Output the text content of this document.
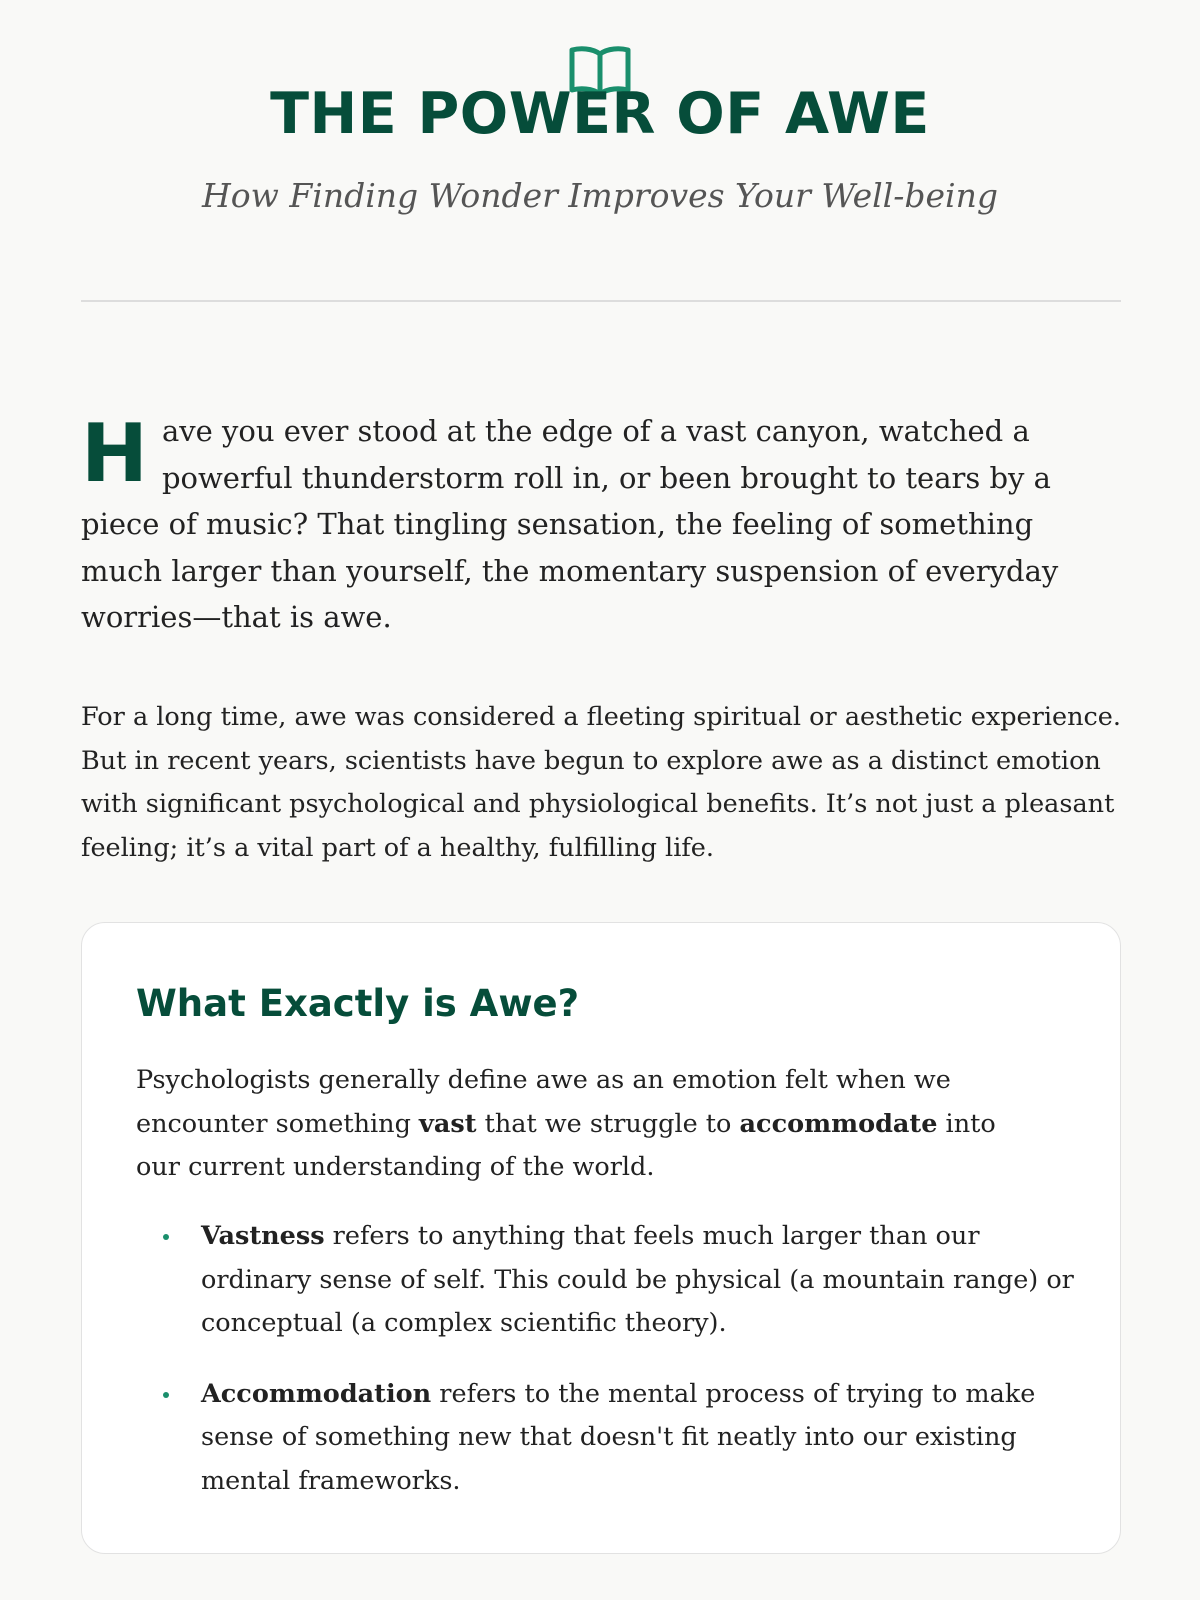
THE POWER OF AWE

How Finding Wonder Improves Your Well-being

H ave you ever stood at the edge of a vast canyon, watched a powerful thunderstorm roll in, or been brought to tears by a piece of music? That tingling sensation, the feeling of something much larger than yourself, the momentary suspension of everyday worries—that is awe.

For a long time, awe was considered a fleeting spiritual or aesthetic experience. But in recent years, scientists have begun to explore awe as a distinct emotion with significant psychological and physiological benefits. It’s not just a pleasant feeling; it’s a vital part of a healthy, fulfilling life.

What Exactly is Awe?

Psychologists generally define awe as an emotion felt when we encounter something vast that we struggle to accommodate into our current understanding of the world.

Vastness refers to anything that feels much larger than our ordinary sense of self. This could be physical (a mountain range) or conceptual (a complex scientific theory).
Accommodation refers to the mental process of trying to make sense of something new that doesn't fit neatly into our existing mental frameworks.
